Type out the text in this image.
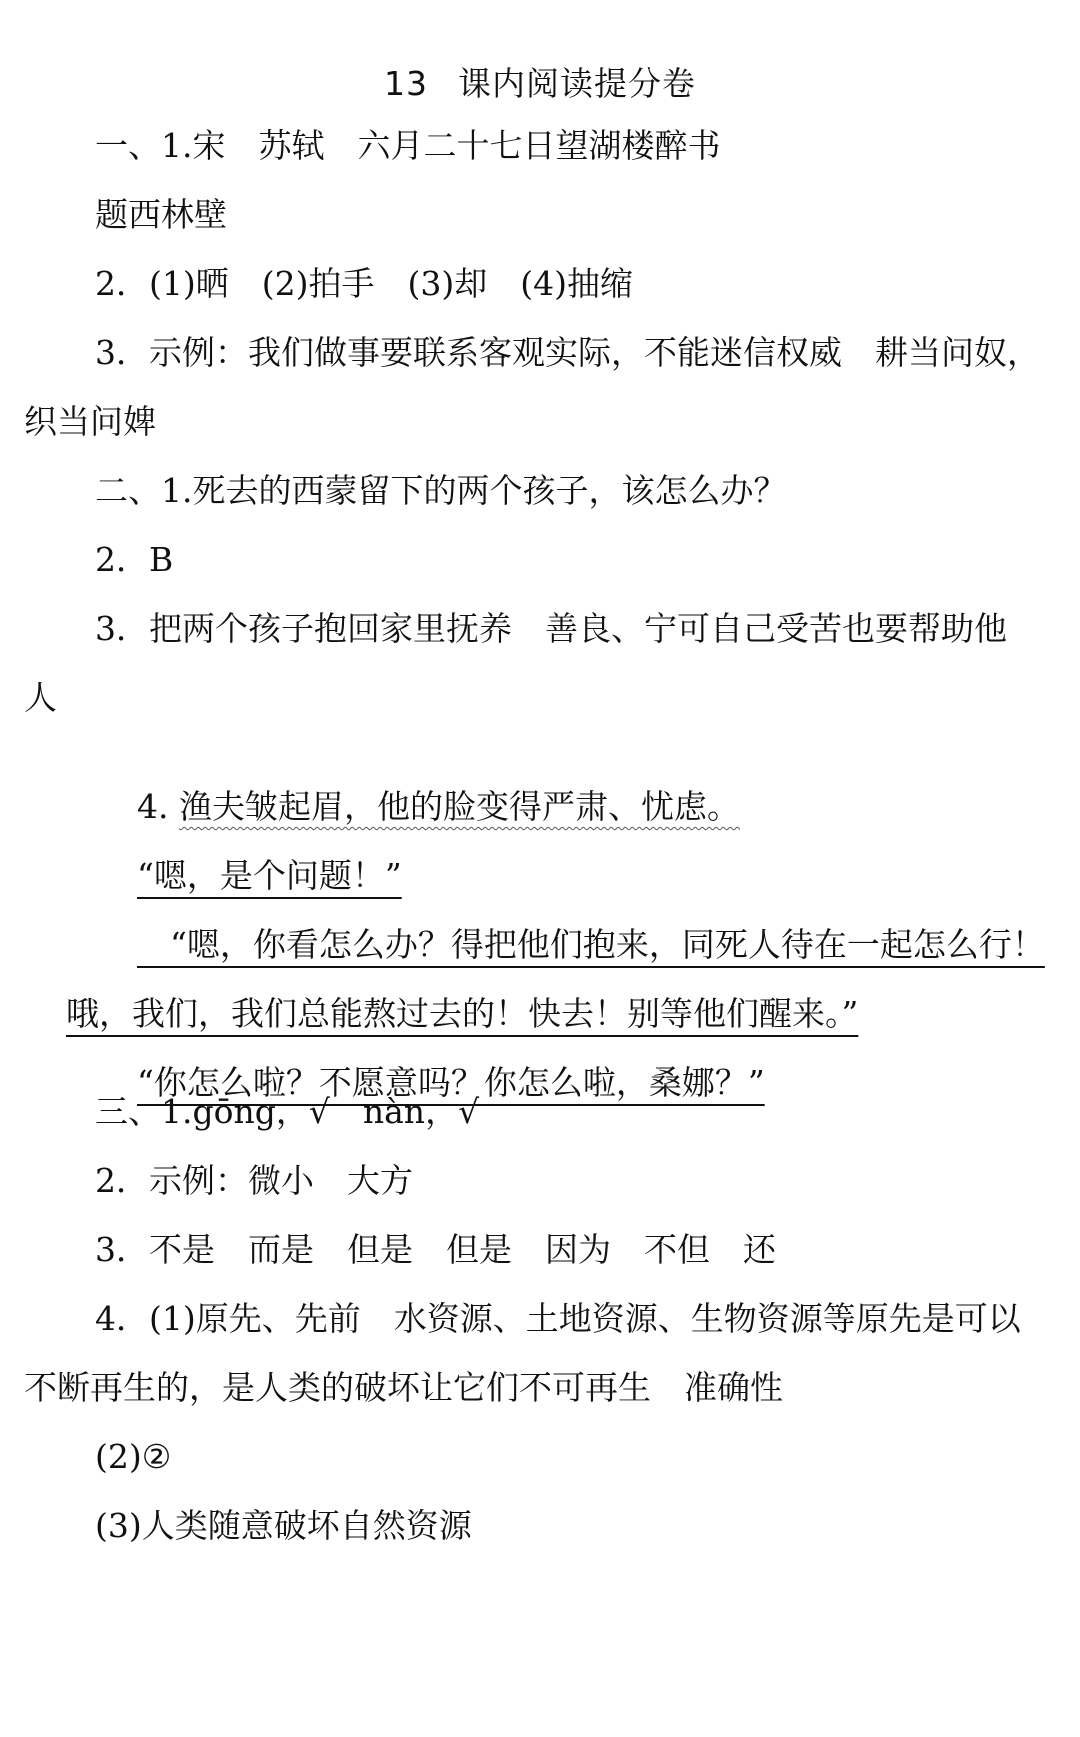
13 课内阅读提分卷
一、1.宋　苏轼　六月二十七日望湖楼醉书
题西林壁
2．(1)晒　(2)拍手　(3)却　(4)抽缩
3．示例：我们做事要联系客观实际，不能迷信权威　耕当问奴，
织当问婢
二、1.死去的西蒙留下的两个孩子，该怎么办？
2．B
3．把两个孩子抱回家里抚养　善良、宁可自己受苦也要帮助他
人

4. 渔夫皱起眉，他的脸变得严肃、忧虑。

“嗯，是个问题！”

　“嗯，你看怎么办？得把他们抱来，同死人待在一起怎么行！

哦，我们，我们总能熬过去的！快去！别等他们醒来。”

“你怎么啦？不愿意吗？你怎么啦，桑娜？”

三、1.gōng，√　nàn，√
2．示例：微小　大方
3．不是　而是　但是　但是　因为　不但　还
4．(1)原先、先前　水资源、土地资源、生物资源等原先是可以
不断再生的，是人类的破坏让它们不可再生　准确性
(2)②
(3)人类随意破坏自然资源
